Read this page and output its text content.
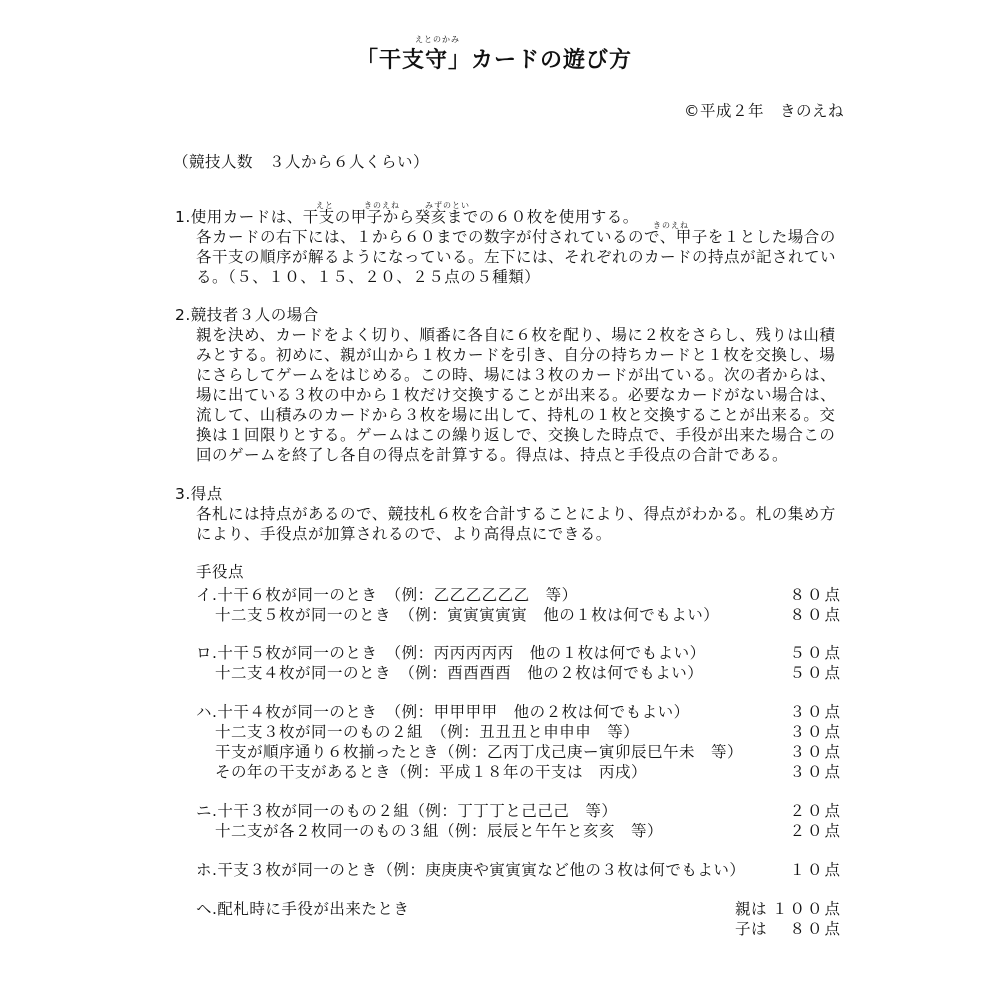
えとのかみ
「干支守」カードの遊び方
©平成２年　きのえね
（競技人数　３人から６人くらい）
えと	きのえね	みずのとい
きのえね
1.使用カードは、干支の甲子から癸亥までの６０枚を使用する。
各カードの右下には、１から６０までの数字が付されているので、甲子を１とした場合の
各干支の順序が解るようになっている。左下には、それぞれのカードの持点が記されてい
る。（５、１０、１５、２０、２５点の５種類）
2.競技者３人の場合
親を決め、カードをよく切り、順番に各自に６枚を配り、場に２枚をさらし、残りは山積
みとする。初めに、親が山から１枚カードを引き、自分の持ちカードと１枚を交換し、場
にさらしてゲームをはじめる。この時、場には３枚のカードが出ている。次の者からは、
場に出ている３枚の中から１枚だけ交換することが出来る。必要なカードがない場合は、
流して、山積みのカードから３枚を場に出して、持札の１枚と交換することが出来る。交
換は１回限りとする。ゲームはこの繰り返しで、交換した時点で、手役が出来た場合この
回のゲームを終了し各自の得点を計算する。得点は、持点と手役点の合計である。
3.得点
各札には持点があるので、競技札６枚を合計することにより、得点がわかる。札の集め方
により、手役点が加算されるので、より高得点にできる。
手役点
イ.十干６枚が同一のとき　（例：乙乙乙乙乙乙　等）	８０点
十二支５枚が同一のとき　（例：寅寅寅寅寅　他の１枚は何でもよい）	８０点
ロ.十干５枚が同一のとき　（例：丙丙丙丙丙　他の１枚は何でもよい）	５０点
十二支４枚が同一のとき　（例：酉酉酉酉　他の２枚は何でもよい）	５０点
ハ.十干４枚が同一のとき　（例：甲甲甲甲　他の２枚は何でもよい）	３０点
十二支３枚が同一のもの２組　（例：丑丑丑と申申申　等）	３０点
干支が順序通り６枚揃ったとき（例：乙丙丁戊己庚ー寅卯辰巳午未　等）	３０点
その年の干支があるとき（例：平成１８年の干支は　丙戌）	３０点
ニ.十干３枚が同一のもの２組（例：丁丁丁と己己己　等）	２０点
十二支が各２枚同一のもの３組（例：辰辰と午午と亥亥　等）	２０点
ホ.干支３枚が同一のとき（例：庚庚庚や寅寅寅など他の３枚は何でもよい）	１０点
ヘ.配札時に手役が出来たとき	親は １００点
子は ８０点
